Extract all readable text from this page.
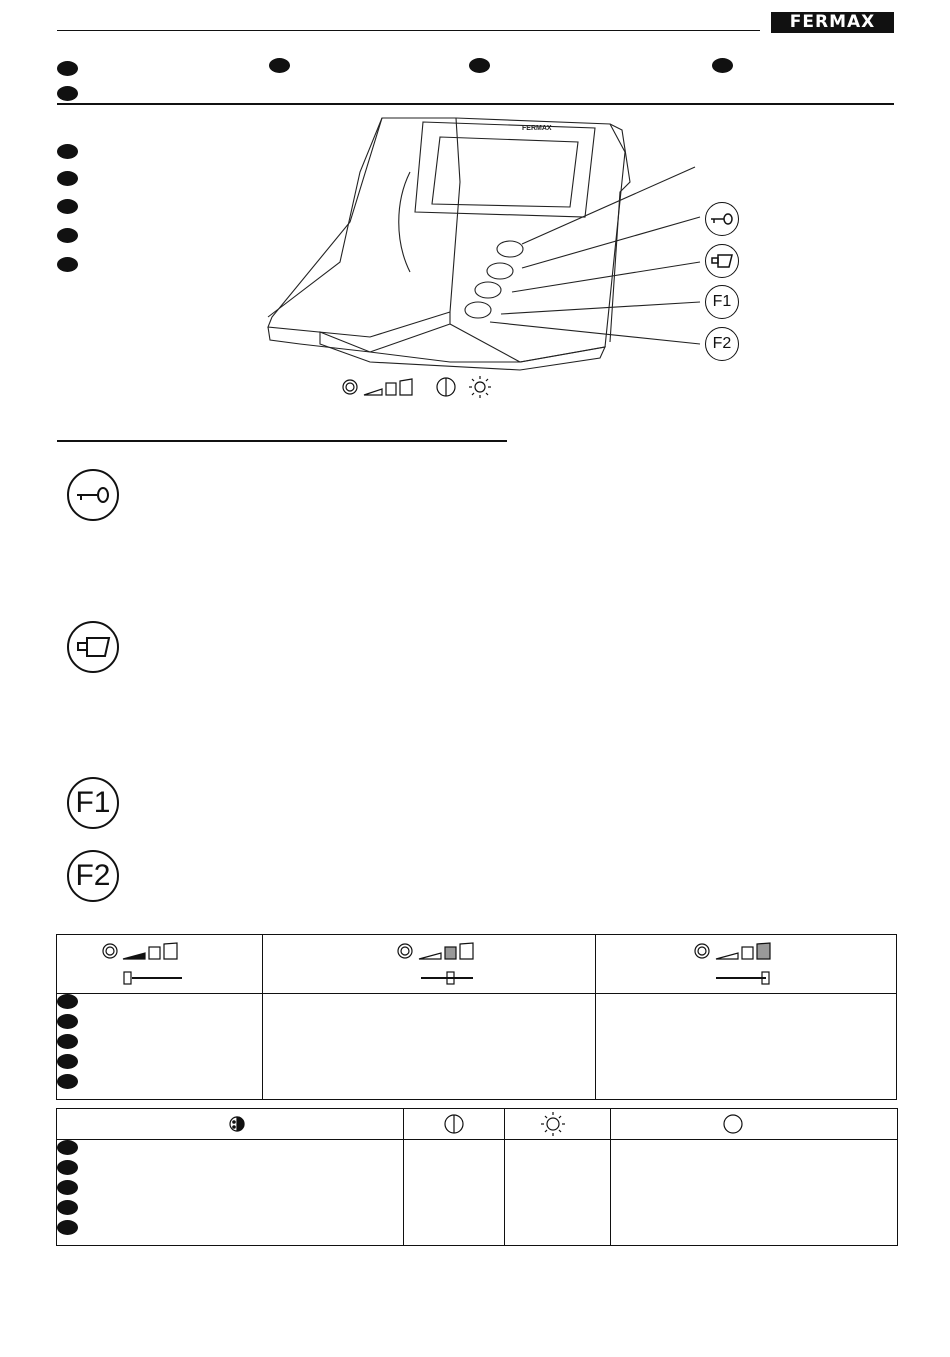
FERMAX
FERMAX
F1
F2
F1
F2
